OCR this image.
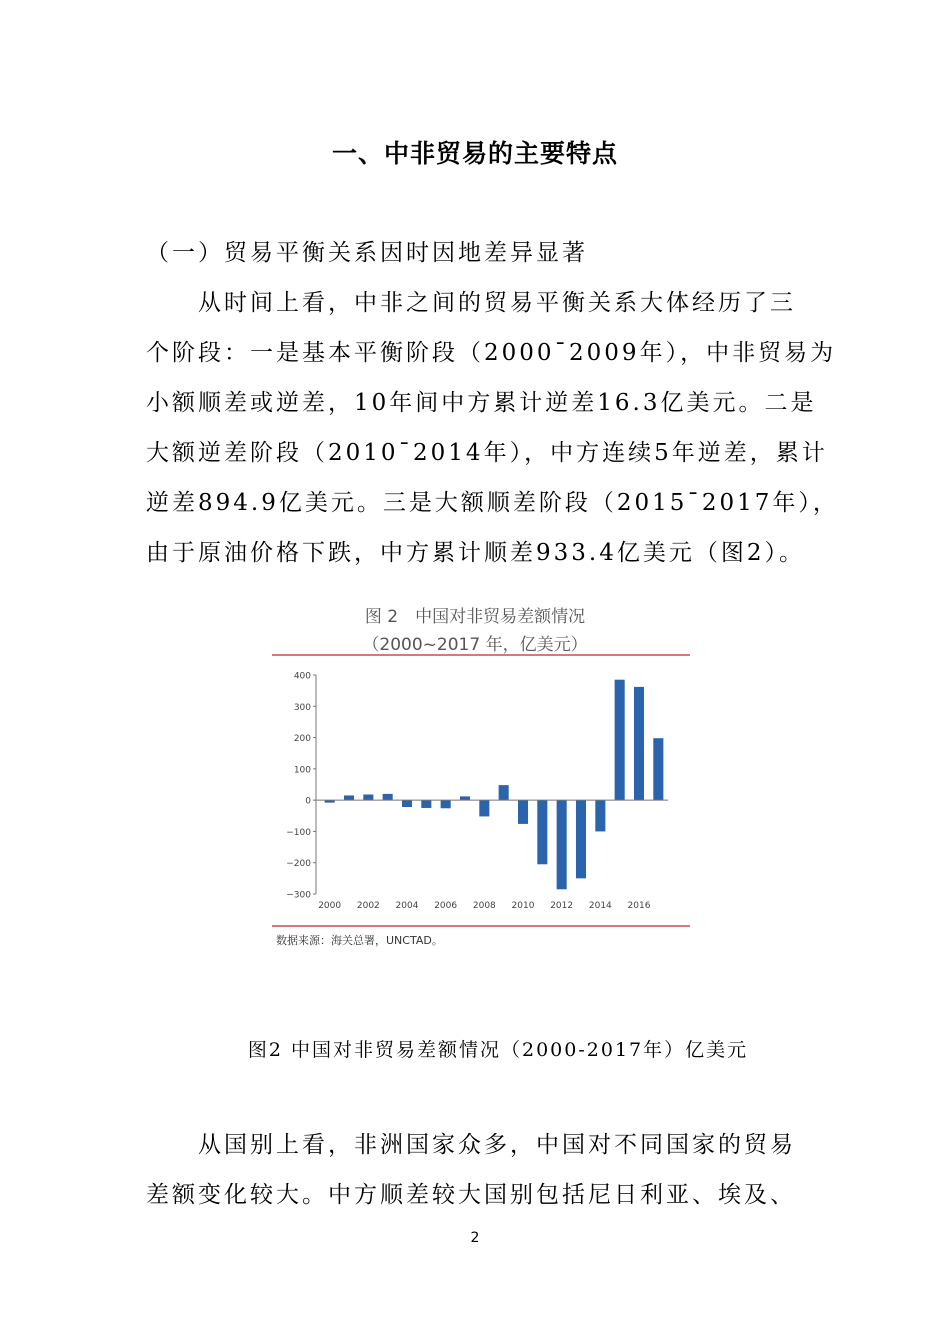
一、中非贸易的主要特点
（一）贸易平衡关系因时因地差异显著

　　从时间上看，中非之间的贸易平衡关系大体经历了三
个阶段：一是基本平衡阶段（2000¯2009年），中非贸易为
小额顺差或逆差，10年间中方累计逆差16.3亿美元。二是
大额逆差阶段（2010¯2014年），中方连续5年逆差，累计
逆差894.9亿美元。三是大额顺差阶段（2015¯2017年），
由于原油价格下跌，中方累计顺差933.4亿美元（图2）。

图 2　中国对非贸易差额情况
（2000~2017 年，亿美元）
400
300
200
100
0
−100
−200
−300
2000 2002 2004 2006 2008 2010 2012 2014 2016
数据来源：海关总署，UNCTAD。
图2 中国对非贸易差额情况（2000-2017年）亿美元

　　从国别上看，非洲国家众多，中国对不同国家的贸易
差额变化较大。中方顺差较大国别包括尼日利亚、埃及、

2
